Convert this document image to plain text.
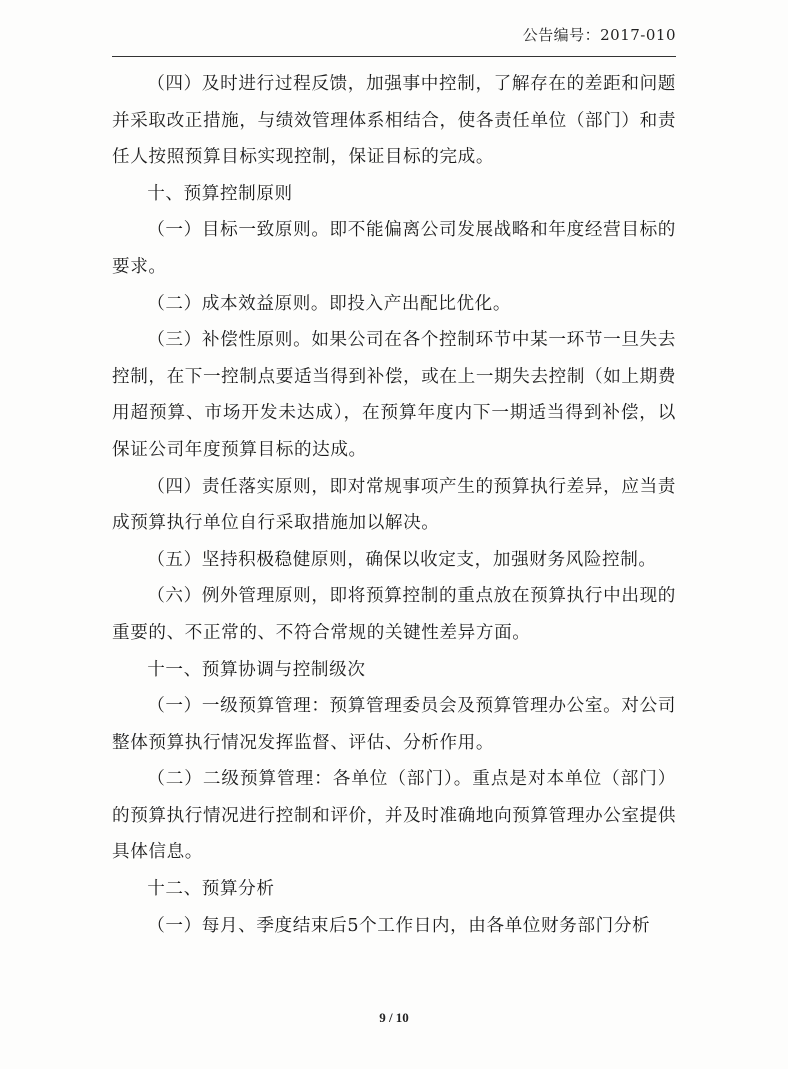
公告编号：2017-010

（四）及时进行过程反馈，加强事中控制，了解存在的差距和问题并采取改正措施，与绩效管理体系相结合，使各责任单位（部门）和责任人按照预算目标实现控制，保证目标的完成。

十、预算控制原则

（一）目标一致原则。即不能偏离公司发展战略和年度经营目标的要求。

（二）成本效益原则。即投入产出配比优化。

（三）补偿性原则。如果公司在各个控制环节中某一环节一旦失去控制，在下一控制点要适当得到补偿，或在上一期失去控制（如上期费用超预算、市场开发未达成），在预算年度内下一期适当得到补偿，以保证公司年度预算目标的达成。

（四）责任落实原则，即对常规事项产生的预算执行差异，应当责成预算执行单位自行采取措施加以解决。

（五）坚持积极稳健原则，确保以收定支，加强财务风险控制。

（六）例外管理原则，即将预算控制的重点放在预算执行中出现的重要的、不正常的、不符合常规的关键性差异方面。

十一、预算协调与控制级次

（一）一级预算管理：预算管理委员会及预算管理办公室。对公司整体预算执行情况发挥监督、评估、分析作用。

（二）二级预算管理：各单位（部门）。重点是对本单位（部门）的预算执行情况进行控制和评价，并及时准确地向预算管理办公室提供具体信息。

十二、预算分析

（一）每月、季度结束后5个工作日内，由各单位财务部门分析

9 / 10
